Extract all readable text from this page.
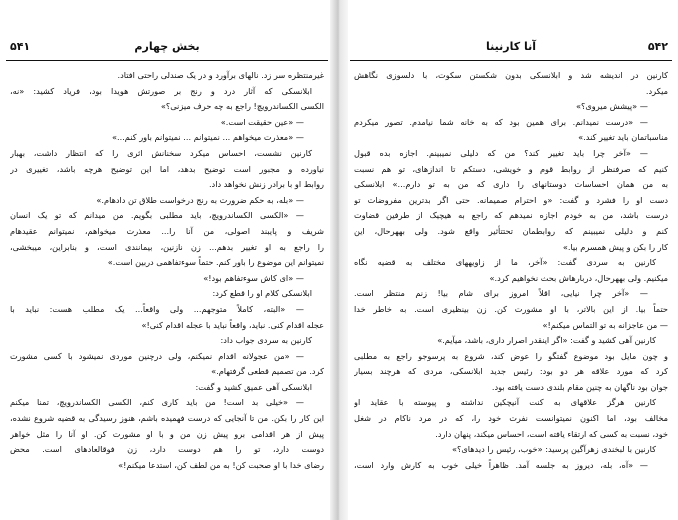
۵۴۱	بخش چهارم
غیرمنتظره سر زد. نالهای برآورد و در یک صندلی راحتی افتاد.
ابلانسکی که آثار درد و رنج بر صورتش هویدا بود، فریاد کشید: «نه،
الکسی الکساندرویچ! راجع به چه حرف میزنی؟»
— «عین حقیقت است.»
— «معذرت میخواهم ... نمیتوانم ... نمیتوانم باور کنم...»
کارنین نشست، احساس میکرد سخنانش اثری را که انتظار داشت، بهبار
نیاورده و مجبور است توضیح بدهد، اما این توضیح هرچه باشد، تغییری در
روابط او با برادر زنش نخواهد داد.
— «بله، به حکم ضرورت به رنج درخواست طلاق تن دادهام.»
— «الکسی الکساندرویچ، باید مطلبی بگویم. من میدانم که تو یک انسان
شریف و پایبند اصولی، من آنا را... معذرت میخواهم، نمیتوانم عقیدهام
را راجع به او تغییر بدهم... زن نازنین، بیمانندی است، و بنابراین، میبخشی،
نمیتوانم این موضوع را باور کنم. حتماً سوءتفاهمی دربین است.»
— «ای کاش سوءتفاهم بود!»
ابلانسکی کلام او را قطع کرد:
— «البته، کاملاً متوجهم... ولی واقعاً... یک مطلب هست: نباید با
عجله اقدام کنی. نباید، واقعاً نباید با عجله اقدام کنی!»
کارنین به سردی جواب داد:
— «من عجولانه اقدام نمیکنم، ولی درچنین موردی نمیشود با کسی مشورت
کرد. من تصمیم قطعی گرفتهام.»
ابلانسکی آهی عمیق کشید و گفت:
— «خیلی بد است! من باید کاری کنم، الکسی الکساندرویچ، تمنا میکنم
این کار را بکن. من تا آنجایی که درست فهمیده باشم، هنوز رسیدگی به قضیه شروع نشده،
پیش از هر اقدامی برو پیش زن من و با او مشورت کن. او آنا را مثل خواهر
دوست دارد، تو را هم دوست دارد، زن فوقالعادهای است. محض
رضای خدا با او صحبت کن! به من لطف کن، استدعا میکنم!»
۵۴۲
آنا کارنینا
کارنین در اندیشه شد و ابلانسکی بدون شکستن سکوت، با دلسوزی نگاهش
میکرد.
— «پیشش میروی؟»
— «درست نمیدانم. برای همین بود که به خانه شما نیامدم. تصور میکردم
مناسباتمان باید تغییر کند.»
— «آخر چرا باید تغییر کند؟ من که دلیلی نمیبینم. اجازه بده قبول
کنیم که صرفنظر از روابط قوم و خویشی، دستکم تا اندازهای، تو هم نسبت
به من همان احساسات دوستانهای را داری که من به تو دارم...» ابلانسکی
دست او را فشرد و گفت: «و احترام صمیمانه. حتی اگر بدترین مفروضات تو
درست باشد، من به خودم اجازه نمیدهم که راجع به هیچیک از طرفین قضاوت
کنم و دلیلی نمیبینم که روابطمان تحتتأثیر واقع شود. ولی بههرحال، این
کار را بکن و پیش همسرم بیا.»
کارنین به سردی گفت: «آخر، ما از زاویههای مختلف به قضیه نگاه
میکنیم. ولی بههرحال، دربارهاش بحث نخواهیم کرد.»
— «آخر چرا نیایی، اقلاً امروز برای شام بیا! زنم منتظر است.
حتماً بیا. از این بالاتر، با او مشورت کن. زن بینظیری است. به خاطر خدا
— من عاجزانه به تو التماس میکنم!»
کارنین آهی کشید و گفت: «اگر اینقدر اصرار داری، باشد، میآیم.»
و چون مایل بود موضوع گفتگو را عوض کند، شروع به پرسوجو راجع به مطلبی
کرد که مورد علاقه هر دو بود: رئیس جدید ابلانسکی، مردی که هرچند بسیار
جوان بود ناگهان به چنین مقام بلندی دست یافته بود.
کارنین هرگز علاقهای به کنت آنیچکین نداشته و پیوسته با عقاید او
مخالف بود، اما اکنون نمیتوانست نفرت خود را، که در مرد ناکام در شغل
خود، نسبت به کسی که ارتقاء یافته است، احساس میکند، پنهان دارد.
کارنین با لبخندی زهرآگین پرسید: «خوب، رئیس را دیدهای؟»
— «آه، بله، دیروز به جلسه آمد. ظاهراً خیلی خوب به کارش وارد است،
